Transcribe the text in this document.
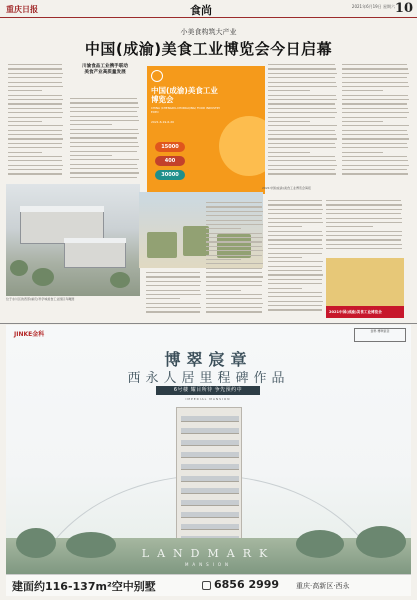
重庆日报	食尚	2021年6月19日 星期六 10
小美食构筑大产业
中国(成渝)美食工业博览会今日启幕
川渝食品工业携手联动
美食产业高质量发展
中国(成渝)美食工业博览会
CHINA (CHENGDU-CHONGQING) FOOD INDUSTRY EXPO
2021.6.19-6.20
15000
400
30000
2021中国(成渝)美食工业博览会海报
位于永川区的西部(重庆)科学城美食工业园区鸟瞰图
2021中国(成渝)美食工业博览会
JINKE金科	金科·博翠宸章
博翠宸章
西永人居里程碑作品
6号楼 耀目所待 争先预约中
IMPERIAL MANSION
LANDMARK
MANSION
建面约116-137m²空中别墅	6856 2999 重庆·高新区·西永
